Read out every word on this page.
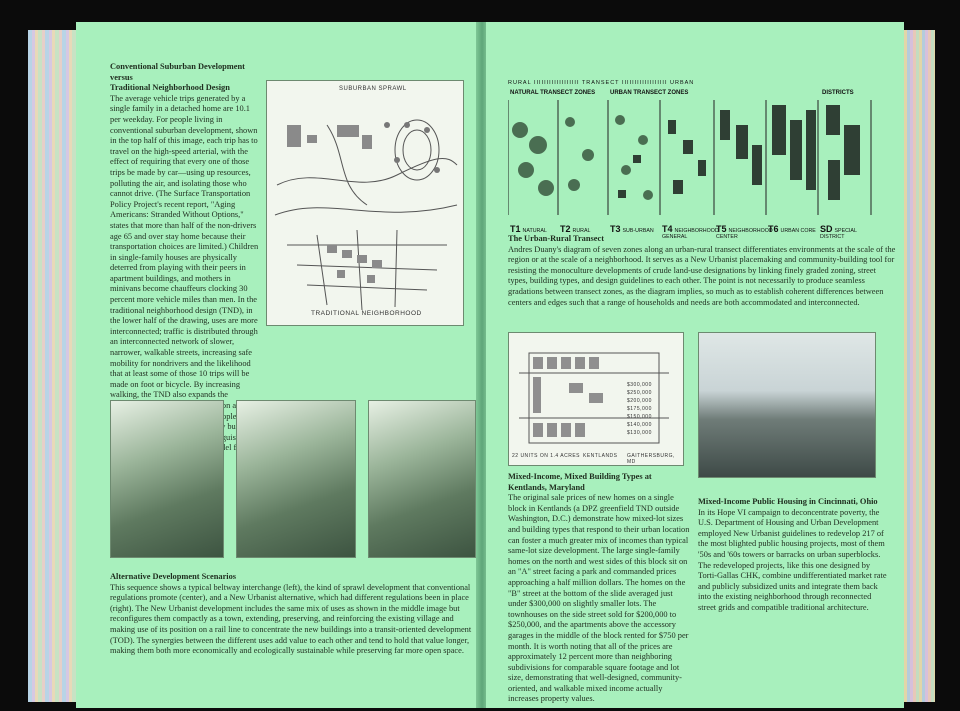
Conventional Suburban Development versus

Traditional Neighborhood Design

The average vehicle trips generated by a single family in a detached home are 10.1 per weekday. For people living in conventional suburban development, shown in the top half of this image, each trip has to travel on the high-speed arterial, with the effect of requiring that every one of those trips be made by car—using up resources, polluting the air, and isolating those who cannot drive. (The Surface Transportation Policy Project's recent report, "Aging Americans: Stranded Without Options," states that more than half of the non-drivers age 65 and over stay home because their transportation choices are limited.) Children in single-family houses are physically deterred from playing with their peers in apartment buildings, and mothers in minivans become chauffeurs clocking 30 percent more vehicle miles than men. In the traditional neighborhood design (TND), in the lower half of the drawing, uses are more interconnected; traffic is distributed through an interconnected network of slower, narrower, walkable streets, increasing safe mobility for nondrivers and the likelihood that at least some of those 10 trips will be made on foot or bicycle. By increasing walking, the TND also expands the people.

SUBURBAN SPRAWL
TRADITIONAL NEIGHBORHOOD

Alternative Development Scenarios

This sequence shows a typical beltway interchange (left), the kind of sprawl development that conventional regulations promote (center), and a New Urbanist alternative, which had different regulations been in place (right). The New Urbanist development includes the same mix of uses as shown in the middle image but reconfigures them compactly as a town, extending, preserving, and reinforcing the existing village and making use of its position on a rail line to concentrate the new buildings into a transit-oriented development (TOD). The synergies between the different uses add value to each other and tend to hold that value longer, making them both more economically and ecologically sustainable while preserving far more open space.

RURAL IIIIIIIIIIIIIIIIII TRANSECT IIIIIIIIIIIIIIIIII URBAN
NATURAL TRANSECT ZONES URBAN TRANSECT ZONES	DISTRICTS
T1 NATURAL T2 RURAL T3 SUB-URBAN T4 NEIGHBORHOOD GENERAL
T5 NEIGHBORHOOD CENTER
T6 URBAN CORE SD SPECIAL DISTRICT

The Urban-Rural Transect

Andres Duany's diagram of seven zones along an urban-rural transect differentiates environments at the scale of the region or at the scale of a neighborhood. It serves as a New Urbanist placemaking and community-building tool for resisting the monoculture developments of crude land-use designations by linking finely graded zoning, street types, building types, and design guidelines to each other. The point is not necessarily to produce seamless gradations between transect zones, as the diagram implies, so much as to establish coherent differences between centers and edges such that a range of households and needs are both accommodated and interconnected.

$300,000
$250,000
$200,000
$175,000
$150,000
$140,000
$130,000
22 UNITS ON 1.4 ACRES KENTLANDS GAITHERSBURG, MD

Mixed-Income, Mixed Building Types at Kentlands, Maryland

The original sale prices of new homes on a single block in Kentlands (a DPZ greenfield TND outside Washington, D.C.) demonstrate how mixed-lot sizes and building types that respond to their urban location can foster a much greater mix of incomes than typical same-lot size development. The large single-family homes on the north and west sides of this block sit on an "A" street facing a park and commanded prices approaching a half million dollars. The homes on the "B" street at the bottom of the slide averaged just under $300,000 on slightly smaller lots. The townhouses on the side street sold for $200,000 to $250,000, and the apartments above the accessory garages in the middle of the block rented for $750 per month. It is worth noting that all of the prices are approximately 12 percent more than neighboring subdivisions for comparable square footage and lot size, demonstrating that well-designed, community-oriented, and walkable mixed income actually increases property values.

Mixed-Income Public Housing in Cincinnati, Ohio

In its Hope VI campaign to deconcentrate poverty, the U.S. Department of Housing and Urban Development employed New Urbanist guidelines to redevelop 217 of the most blighted public housing projects, most of them '50s and '60s towers or barracks on urban superblocks. The redeveloped projects, like this one designed by Torti-Gallas CHK, combine undifferentiated market rate and publicly subsidized units and integrate them back into the existing neighborhood through reconnected street grids and compatible traditional architecture.
